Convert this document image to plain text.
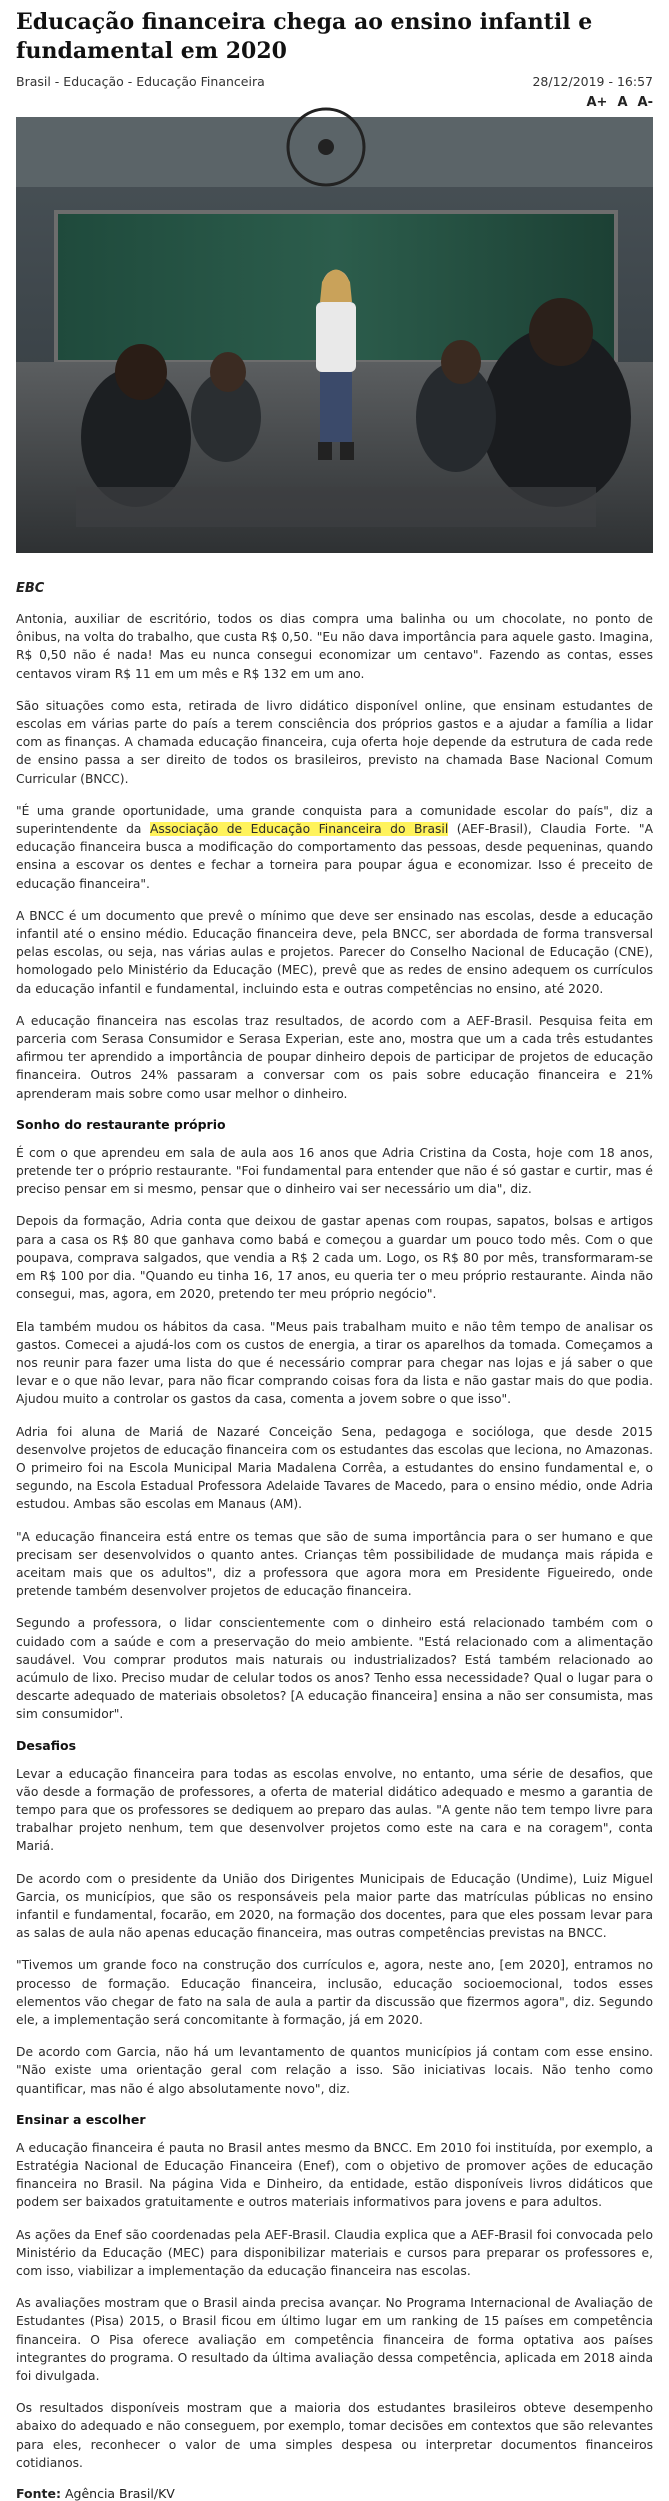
Educação financeira chega ao ensino infantil e fundamental em 2020
Brasil - Educação - Educação Financeira	28/12/2019 - 16:57
A+ A A-
EBC

Antonia, auxiliar de escritório, todos os dias compra uma balinha ou um chocolate, no ponto de ônibus, na volta do trabalho, que custa R$ 0,50. "Eu não dava importância para aquele gasto. Imagina, R$ 0,50 não é nada! Mas eu nunca consegui economizar um centavo". Fazendo as contas, esses centavos viram R$ 11 em um mês e R$ 132 em um ano.

São situações como esta, retirada de livro didático disponível online, que ensinam estudantes de escolas em várias parte do país a terem consciência dos próprios gastos e a ajudar a família a lidar com as finanças. A chamada educação financeira, cuja oferta hoje depende da estrutura de cada rede de ensino passa a ser direito de todos os brasileiros, previsto na chamada Base Nacional Comum Curricular (BNCC).

"É uma grande oportunidade, uma grande conquista para a comunidade escolar do país", diz a superintendente da Associação de Educação Financeira do Brasil (AEF-Brasil), Claudia Forte. "A educação financeira busca a modificação do comportamento das pessoas, desde pequeninas, quando ensina a escovar os dentes e fechar a torneira para poupar água e economizar. Isso é preceito de educação financeira".

A BNCC é um documento que prevê o mínimo que deve ser ensinado nas escolas, desde a educação infantil até o ensino médio. Educação financeira deve, pela BNCC, ser abordada de forma transversal pelas escolas, ou seja, nas várias aulas e projetos. Parecer do Conselho Nacional de Educação (CNE), homologado pelo Ministério da Educação (MEC), prevê que as redes de ensino adequem os currículos da educação infantil e fundamental, incluindo esta e outras competências no ensino, até 2020.

A educação financeira nas escolas traz resultados, de acordo com a AEF-Brasil. Pesquisa feita em parceria com Serasa Consumidor e Serasa Experian, este ano, mostra que um a cada três estudantes afirmou ter aprendido a importância de poupar dinheiro depois de participar de projetos de educação financeira. Outros 24% passaram a conversar com os pais sobre educação financeira e 21% aprenderam mais sobre como usar melhor o dinheiro.

Sonho do restaurante próprio

É com o que aprendeu em sala de aula aos 16 anos que Adria Cristina da Costa, hoje com 18 anos, pretende ter o próprio restaurante. "Foi fundamental para entender que não é só gastar e curtir, mas é preciso pensar em si mesmo, pensar que o dinheiro vai ser necessário um dia", diz.

Depois da formação, Adria conta que deixou de gastar apenas com roupas, sapatos, bolsas e artigos para a casa os R$ 80 que ganhava como babá e começou a guardar um pouco todo mês. Com o que poupava, comprava salgados, que vendia a R$ 2 cada um. Logo, os R$ 80 por mês, transformaram-se em R$ 100 por dia. "Quando eu tinha 16, 17 anos, eu queria ter o meu próprio restaurante. Ainda não consegui, mas, agora, em 2020, pretendo ter meu próprio negócio".

Ela também mudou os hábitos da casa. "Meus pais trabalham muito e não têm tempo de analisar os gastos. Comecei a ajudá-los com os custos de energia, a tirar os aparelhos da tomada. Começamos a nos reunir para fazer uma lista do que é necessário comprar para chegar nas lojas e já saber o que levar e o que não levar, para não ficar comprando coisas fora da lista e não gastar mais do que podia. Ajudou muito a controlar os gastos da casa, comenta a jovem sobre o que isso".

Adria foi aluna de Mariá de Nazaré Conceição Sena, pedagoga e socióloga, que desde 2015 desenvolve projetos de educação financeira com os estudantes das escolas que leciona, no Amazonas. O primeiro foi na Escola Municipal Maria Madalena Corrêa, a estudantes do ensino fundamental e, o segundo, na Escola Estadual Professora Adelaide Tavares de Macedo, para o ensino médio, onde Adria estudou. Ambas são escolas em Manaus (AM).

"A educação financeira está entre os temas que são de suma importância para o ser humano e que precisam ser desenvolvidos o quanto antes. Crianças têm possibilidade de mudança mais rápida e aceitam mais que os adultos", diz a professora que agora mora em Presidente Figueiredo, onde pretende também desenvolver projetos de educação financeira.

Segundo a professora, o lidar conscientemente com o dinheiro está relacionado também com o cuidado com a saúde e com a preservação do meio ambiente. "Está relacionado com a alimentação saudável. Vou comprar produtos mais naturais ou industrializados? Está também relacionado ao acúmulo de lixo. Preciso mudar de celular todos os anos? Tenho essa necessidade? Qual o lugar para o descarte adequado de materiais obsoletos? [A educação financeira] ensina a não ser consumista, mas sim consumidor".

Desafios

Levar a educação financeira para todas as escolas envolve, no entanto, uma série de desafios, que vão desde a formação de professores, a oferta de material didático adequado e mesmo a garantia de tempo para que os professores se dediquem ao preparo das aulas. "A gente não tem tempo livre para trabalhar projeto nenhum, tem que desenvolver projetos como este na cara e na coragem", conta Mariá.

De acordo com o presidente da União dos Dirigentes Municipais de Educação (Undime), Luiz Miguel Garcia, os municípios, que são os responsáveis pela maior parte das matrículas públicas no ensino infantil e fundamental, focarão, em 2020, na formação dos docentes, para que eles possam levar para as salas de aula não apenas educação financeira, mas outras competências previstas na BNCC.

"Tivemos um grande foco na construção dos currículos e, agora, neste ano, [em 2020], entramos no processo de formação. Educação financeira, inclusão, educação socioemocional, todos esses elementos vão chegar de fato na sala de aula a partir da discussão que fizermos agora", diz. Segundo ele, a implementação será concomitante à formação, já em 2020.

De acordo com Garcia, não há um levantamento de quantos municípios já contam com esse ensino. "Não existe uma orientação geral com relação a isso. São iniciativas locais. Não tenho como quantificar, mas não é algo absolutamente novo", diz.

Ensinar a escolher

A educação financeira é pauta no Brasil antes mesmo da BNCC. Em 2010 foi instituída, por exemplo, a Estratégia Nacional de Educação Financeira (Enef), com o objetivo de promover ações de educação financeira no Brasil. Na página Vida e Dinheiro, da entidade, estão disponíveis livros didáticos que podem ser baixados gratuitamente e outros materiais informativos para jovens e para adultos.

As ações da Enef são coordenadas pela AEF-Brasil. Claudia explica que a AEF-Brasil foi convocada pelo Ministério da Educação (MEC) para disponibilizar materiais e cursos para preparar os professores e, com isso, viabilizar a implementação da educação financeira nas escolas.

As avaliações mostram que o Brasil ainda precisa avançar. No Programa Internacional de Avaliação de Estudantes (Pisa) 2015, o Brasil ficou em último lugar em um ranking de 15 países em competência financeira. O Pisa oferece avaliação em competência financeira de forma optativa aos países integrantes do programa. O resultado da última avaliação dessa competência, aplicada em 2018 ainda foi divulgada.

Os resultados disponíveis mostram que a maioria dos estudantes brasileiros obteve desempenho abaixo do adequado e não conseguem, por exemplo, tomar decisões em contextos que são relevantes para eles, reconhecer o valor de uma simples despesa ou interpretar documentos financeiros cotidianos.

Fonte: Agência Brasil/KV
